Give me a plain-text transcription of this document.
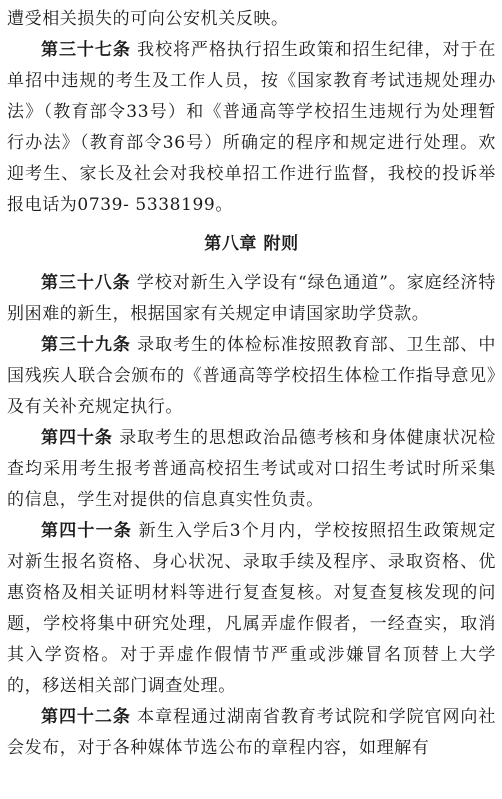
遭受相关损失的可向公安机关反映。

第三十七条 我校将严格执行招生政策和招生纪律，对于在单招中违规的考生及工作人员，按《国家教育考试违规处理办法》（教育部令33号）和《普通高等学校招生违规行为处理暂行办法》（教育部令36号）所确定的程序和规定进行处理。欢迎考生、家长及社会对我校单招工作进行监督，我校的投诉举报电话为0739- 5338199。

第八章 附则

第三十八条 学校对新生入学设有“绿色通道”。家庭经济特别困难的新生，根据国家有关规定申请国家助学贷款。

第三十九条 录取考生的体检标准按照教育部、卫生部、中国残疾人联合会颁布的《普通高等学校招生体检工作指导意见》及有关补充规定执行。

第四十条 录取考生的思想政治品德考核和身体健康状况检查均采用考生报考普通高校招生考试或对口招生考试时所采集的信息，学生对提供的信息真实性负责。

第四十一条 新生入学后3个月内，学校按照招生政策规定对新生报名资格、身心状况、录取手续及程序、录取资格、优惠资格及相关证明材料等进行复查复核。对复查复核发现的问题，学校将集中研究处理，凡属弄虚作假者，一经查实，取消其入学资格。对于弄虚作假情节严重或涉嫌冒名顶替上大学的，移送相关部门调查处理。

第四十二条 本章程通过湖南省教育考试院和学院官网向社会发布，对于各种媒体节选公布的章程内容，如理解有
